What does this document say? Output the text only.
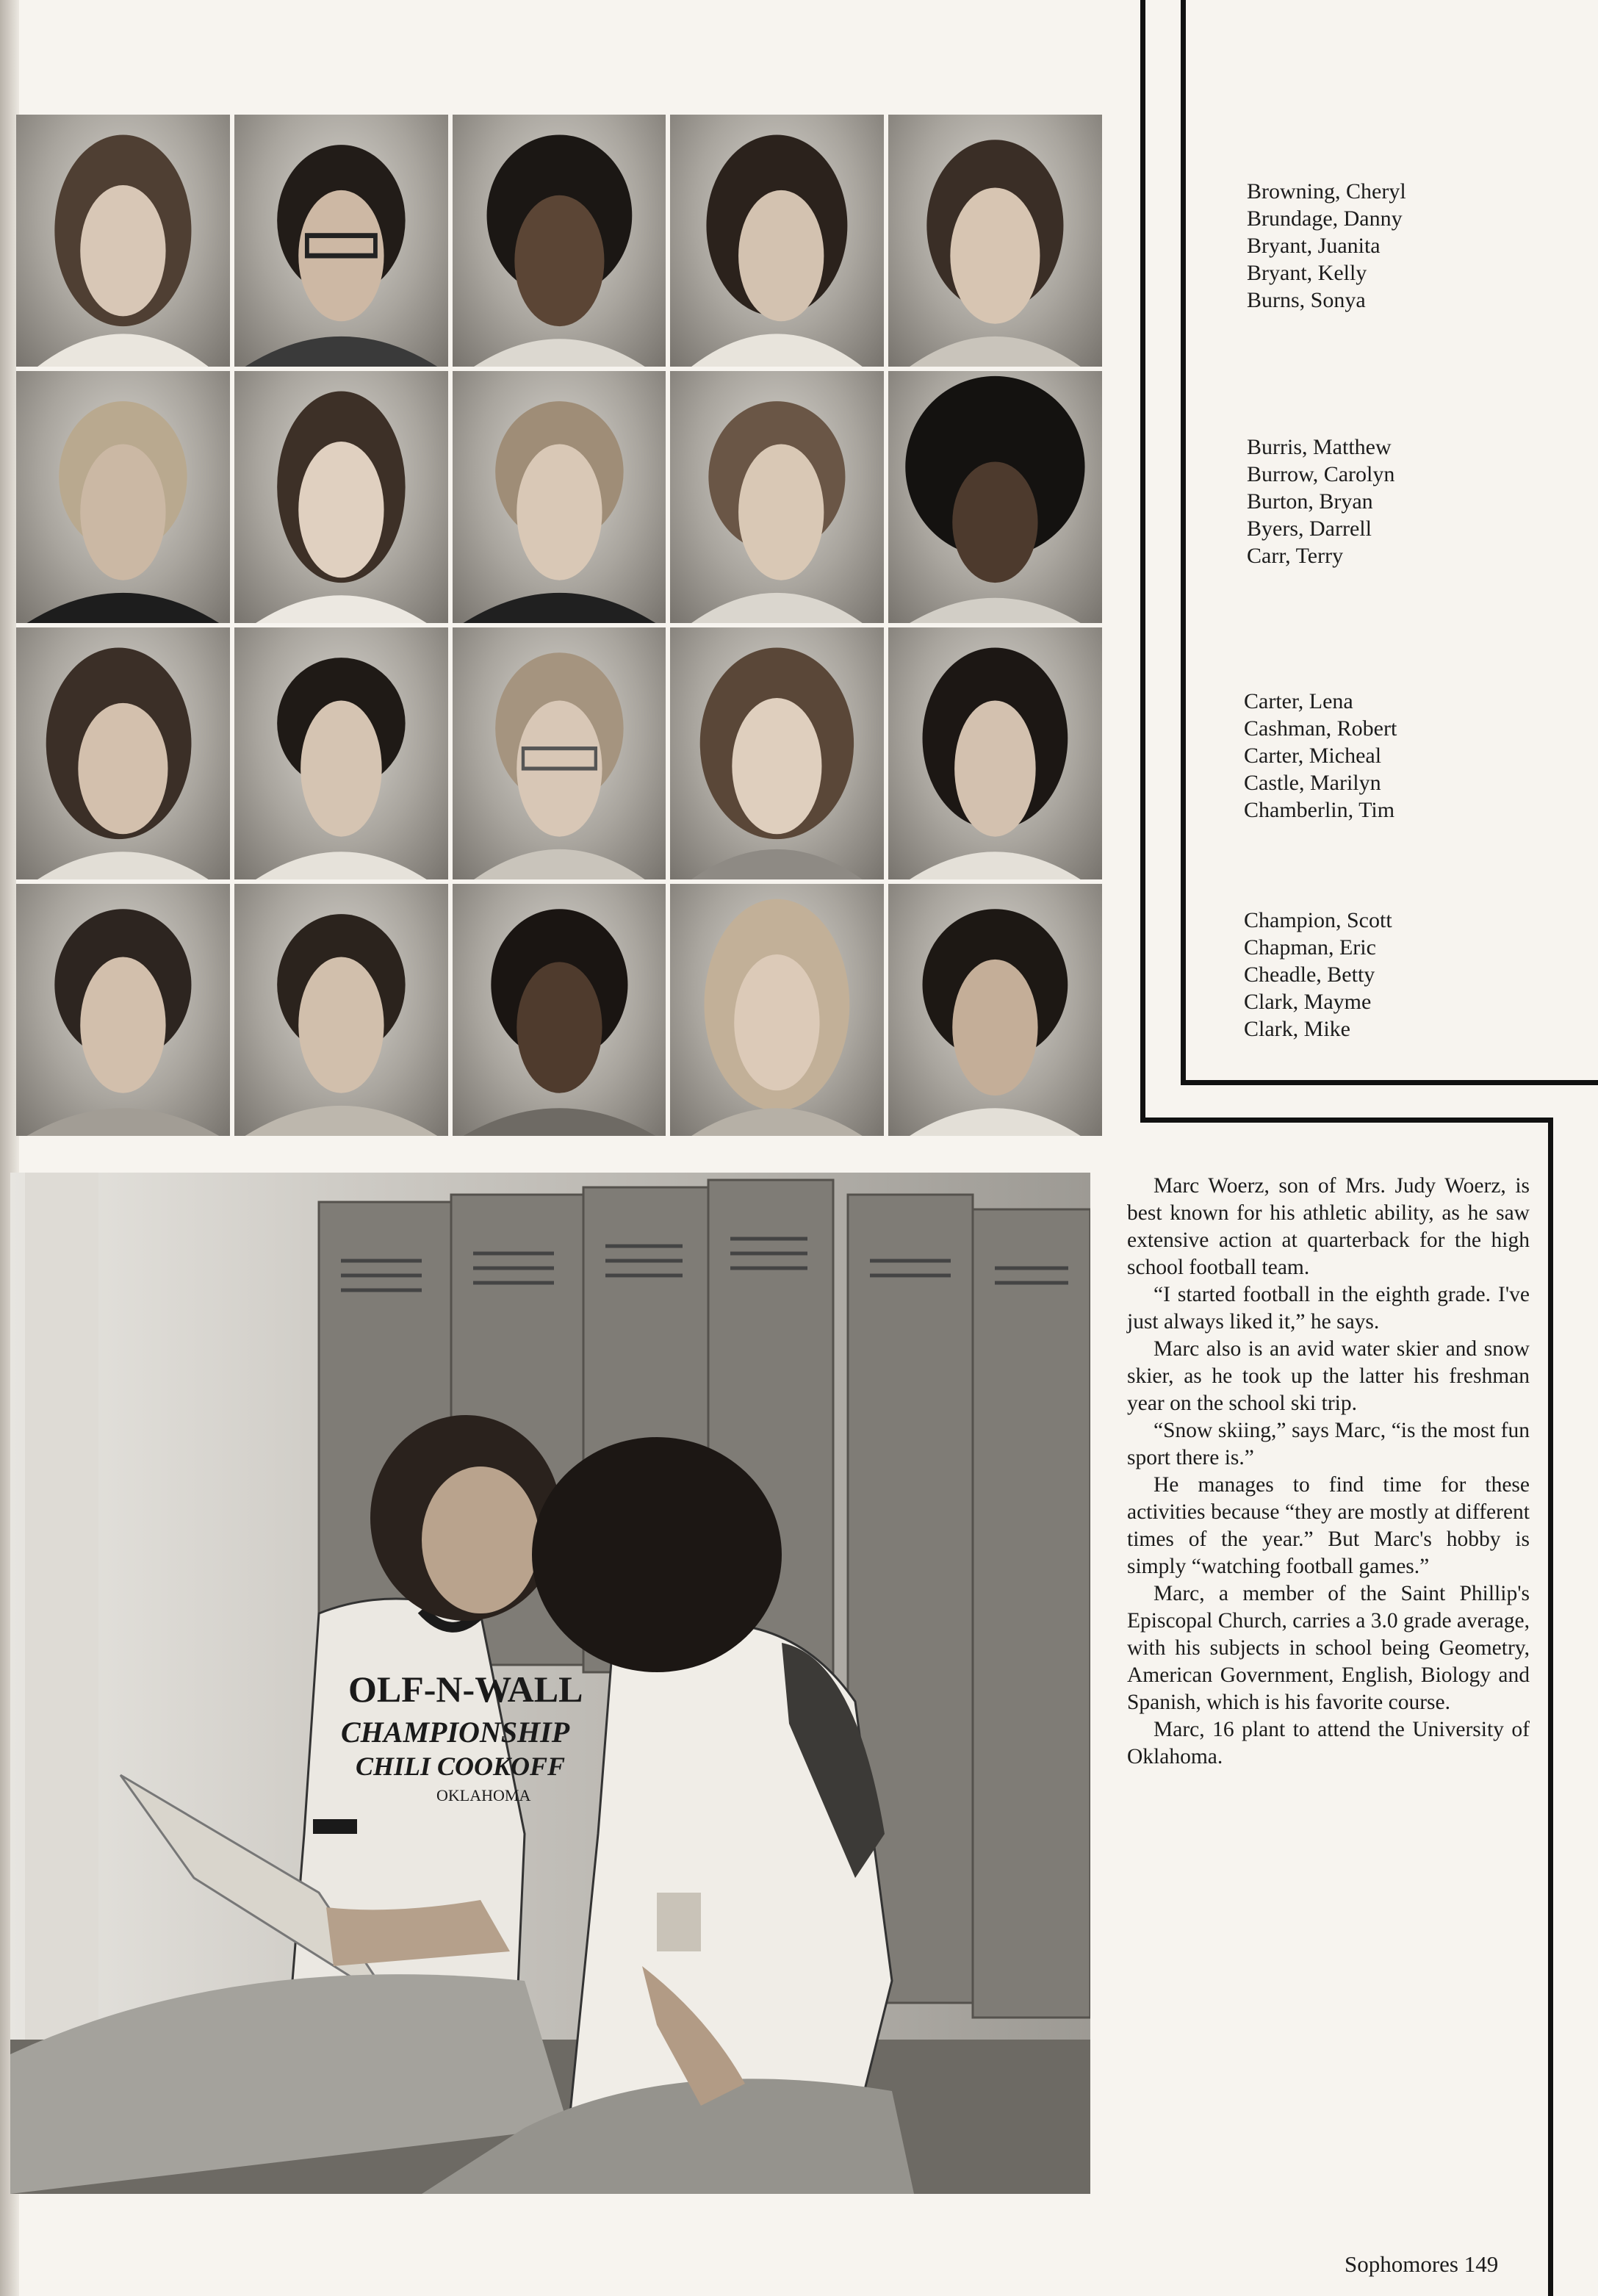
Browning, Cheryl
Brundage, Danny
Bryant, Juanita
Bryant, Kelly
Burns, Sonya
Burris, Matthew
Burrow, Carolyn
Burton, Bryan
Byers, Darrell
Carr, Terry
Carter, Lena
Cashman, Robert
Carter, Micheal
Castle, Marilyn
Chamberlin, Tim
Champion, Scott
Chapman, Eric
Cheadle, Betty
Clark, Mayme
Clark, Mike
OLF-N-WALL
CHAMPIONSHIP
CHILI COOKOFF
OKLAHOMA

Marc Woerz, son of Mrs. Judy Woerz, is best known for his athletic ability, as he saw extensive action at quarterback for the high school football team.

“I started football in the eighth grade. I've just always liked it,” he says.

Marc also is an avid water skier and snow skier, as he took up the latter his freshman year on the school ski trip.

“Snow skiing,” says Marc, “is the most fun sport there is.”

He manages to find time for these activities because “they are mostly at different times of the year.” But Marc's hobby is simply “watching football games.”

Marc, a member of the Saint Phillip's Episcopal Church, carries a 3.0 grade average, with his subjects in school being Geometry, American Government, English, Biology and Spanish, which is his favorite course.

Marc, 16 plant to attend the University of Oklahoma.

Sophomores 149
